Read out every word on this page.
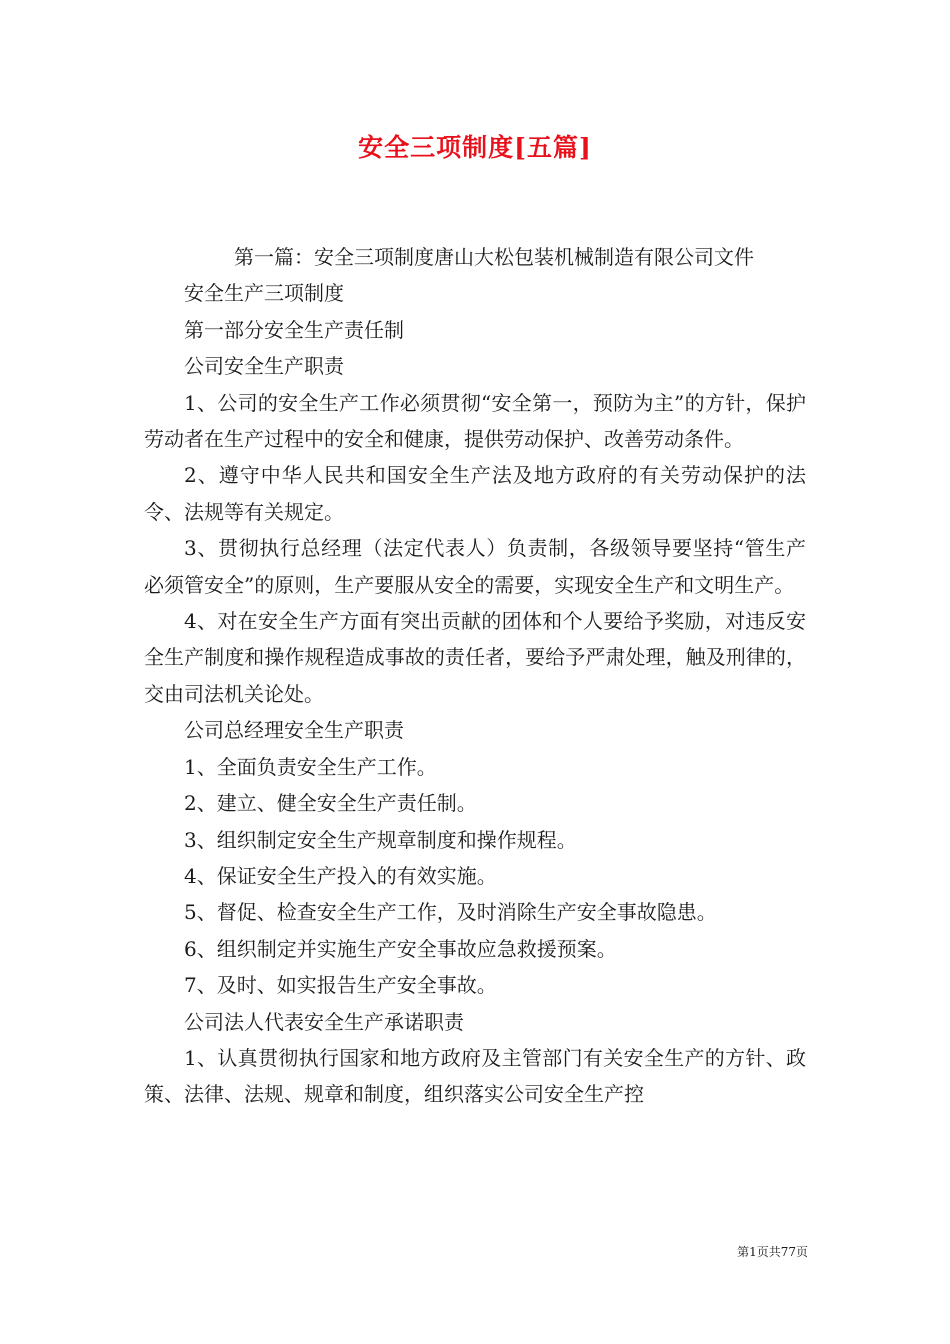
安全三项制度[五篇]

第一篇：安全三项制度唐山大松包装机械制造有限公司文件

安全生产三项制度

第一部分安全生产责任制

公司安全生产职责

1、公司的安全生产工作必须贯彻“安全第一，预防为主”的方针，保护劳动者在生产过程中的安全和健康，提供劳动保护、改善劳动条件。

2、遵守中华人民共和国安全生产法及地方政府的有关劳动保护的法令、法规等有关规定。

3、贯彻执行总经理（法定代表人）负责制，各级领导要坚持“管生产必须管安全”的原则，生产要服从安全的需要，实现安全生产和文明生产。

4、对在安全生产方面有突出贡献的团体和个人要给予奖励，对违反安全生产制度和操作规程造成事故的责任者，要给予严肃处理，触及刑律的，交由司法机关论处。

公司总经理安全生产职责

1、全面负责安全生产工作。

2、建立、健全安全生产责任制。

3、组织制定安全生产规章制度和操作规程。

4、保证安全生产投入的有效实施。

5、督促、检查安全生产工作，及时消除生产安全事故隐患。

6、组织制定并实施生产安全事故应急救援预案。

7、及时、如实报告生产安全事故。

公司法人代表安全生产承诺职责

1、认真贯彻执行国家和地方政府及主管部门有关安全生产的方针、政策、法律、法规、规章和制度，组织落实公司安全生产控

第1页共77页
